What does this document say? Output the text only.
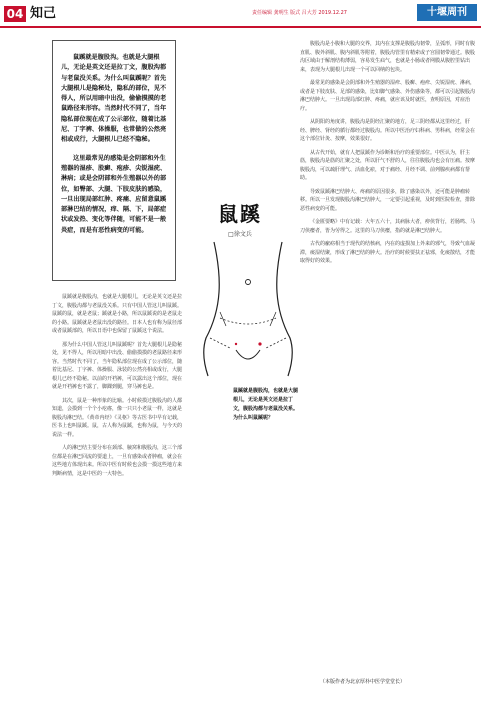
04 知己	责任编辑 龚明生 版式 吕大芳 2019.12.27	十堰周刊

鼠蹊就是腹股沟。也就是大腿根儿，无论是英文还是拉丁文，腹股沟都与老鼠没关系。为什么叫鼠蹊呢？首先大腿根儿是隐秘处，隐私的部位，见不得人，所以用暗中出没，偷偷摸摸的老鼠路径来形容。当然时代不同了，当年隐私部位现在成了公示部位，随着比基尼、丁字裤、体操服，也常做的公然亮相或成行，大腿根儿已经不隐秘。

这里最常见的感染是会阴部和外生殖器的湿疹、股癣、疱疹、尖锐湿疣、淋病；或是会阴部和外生殖器以外的部位，如臀部、大腿、下肢皮肤的感染，一旦出现局部红肿、疼痛、应留意鼠蹊部淋巴结的情况，痒、隔、下，局部症状或发热、变化等伴随，可能不是一般炎症，而是有恶性病变的可能。

鼠蹊
□徐文兵
鼠蹊就是腹股沟，也就是大腿根儿，无论是英文还是拉丁文，腹股沟都与老鼠没关系。为什么叫鼠蹊呢？

鼠蹊就是腹股沟，也就是大腿根儿，无论是英文还是拉丁文，腹股沟都与老鼠没关系。只有中国人管这儿叫鼠蹊。鼠蹊的鼠，就是老鼠；蹊就是小路，所以鼠蹊说的是老鼠走的小路。鼠蹊就是老鼠出没的路径。日本人也有称为鼠径部或者鼠蹊部的，所以日语中也保留了鼠蹊这个说法。

那为什么中国人管这儿叫鼠蹊呢？首先大腿根儿是隐秘处，见不得人，所以用暗中出没、偷偷摸摸的老鼠路径来形容。当然时代不同了，当年隐私部位现在成了公示部位，随着比基尼、丁字裤、体操服、泳装的公然亮相或成行，大腿根儿已经不隐秘。以前的开裆裤，可以露出这个部位，现在就是开裆裤也不露了，脚踝到腿，穿马裤也是。

其次，鼠是一种形象的比喻。小时候摸过腹股沟的人都知道，会摸到一个个小疙瘩，像一只只小老鼠一样，这就是腹股沟淋巴结。《黄帝内经》《灵枢》等古医书中早有记载，医书上也叫鼠蹊。鼠，古人称为鼠蹊，也称为鼠，与今天的说法一样。

人的淋巴结主要分布在颈部、腋窝和腹股沟，这三个部位都是在淋巴回流的要道上，一旦有感染或者肿瘤，就会在这些地方体现出来。所以中医有时候也会摸一摸这些地方来判断病情，这是中医的一大特色。

腹股沟是小腹和大腿的交界，其内在支撑是腹股沟韧带，呈弧形，同时有腹直肌、腹外斜肌、腹内斜肌等附着，腹股沟管里有精索或子宫圆韧带通过。腹股沟区域由于解剖结构薄弱，容易发生疝气，也就是小肠或者网膜从腹腔里钻出来，表现为大腿根儿出现一个可以回纳的包块。

最常见的感染是会阴部和外生殖器的湿疹、股癣、疱疹、尖锐湿疣、淋病，或者是下肢皮肤、足部的感染，比如脚气感染、外伤感染等，都可以引起腹股沟淋巴结肿大。一旦出现局部红肿、疼痛，就应该及时就医，查明原因，对症治疗。

从阴阳的角度讲，腹股沟是阴经汇聚的地方，足三阴经都从这里经过，肝经、脾经、肾经的循行都经过腹股沟。所以中医治疗妇科病、男科病，经常会在这个部位针灸、按摩，效果很好。

从古代开始，就有人把鼠蹊作为诊断和治疗的重要部位。中医认为，肝主筋，腹股沟是筋的汇聚之处，所以肝气不舒的人，往往腹股沟也会有压痛。按摩腹股沟，可以疏肝理气、活血化瘀，对于痛经、月经不调、前列腺疾病都有帮助。

导致鼠蹊淋巴结肿大、疼痛的原因很多，除了感染以外，还可能是肿瘤转移。所以一旦发现腹股沟淋巴结肿大，一定要引起重视，及时到医院检查，排除恶性病变的可能。

《金匮要略》中有记载：大年五六十，其病脉大者，痹侠背行，若肠鸣、马刀侠瘿者，皆为劳得之。这里的马刀侠瘿，指的就是淋巴结肿大。

古代的瘰疬相当于现代的结核病，内在的虚损加上外来的邪气，导致气血凝滞，痰湿结聚，形成了淋巴结的肿大。治疗的时候要扶正祛邪，化痰散结，才能取得好的效果。

（本版作者为北京厚朴中医学堂堂长）
